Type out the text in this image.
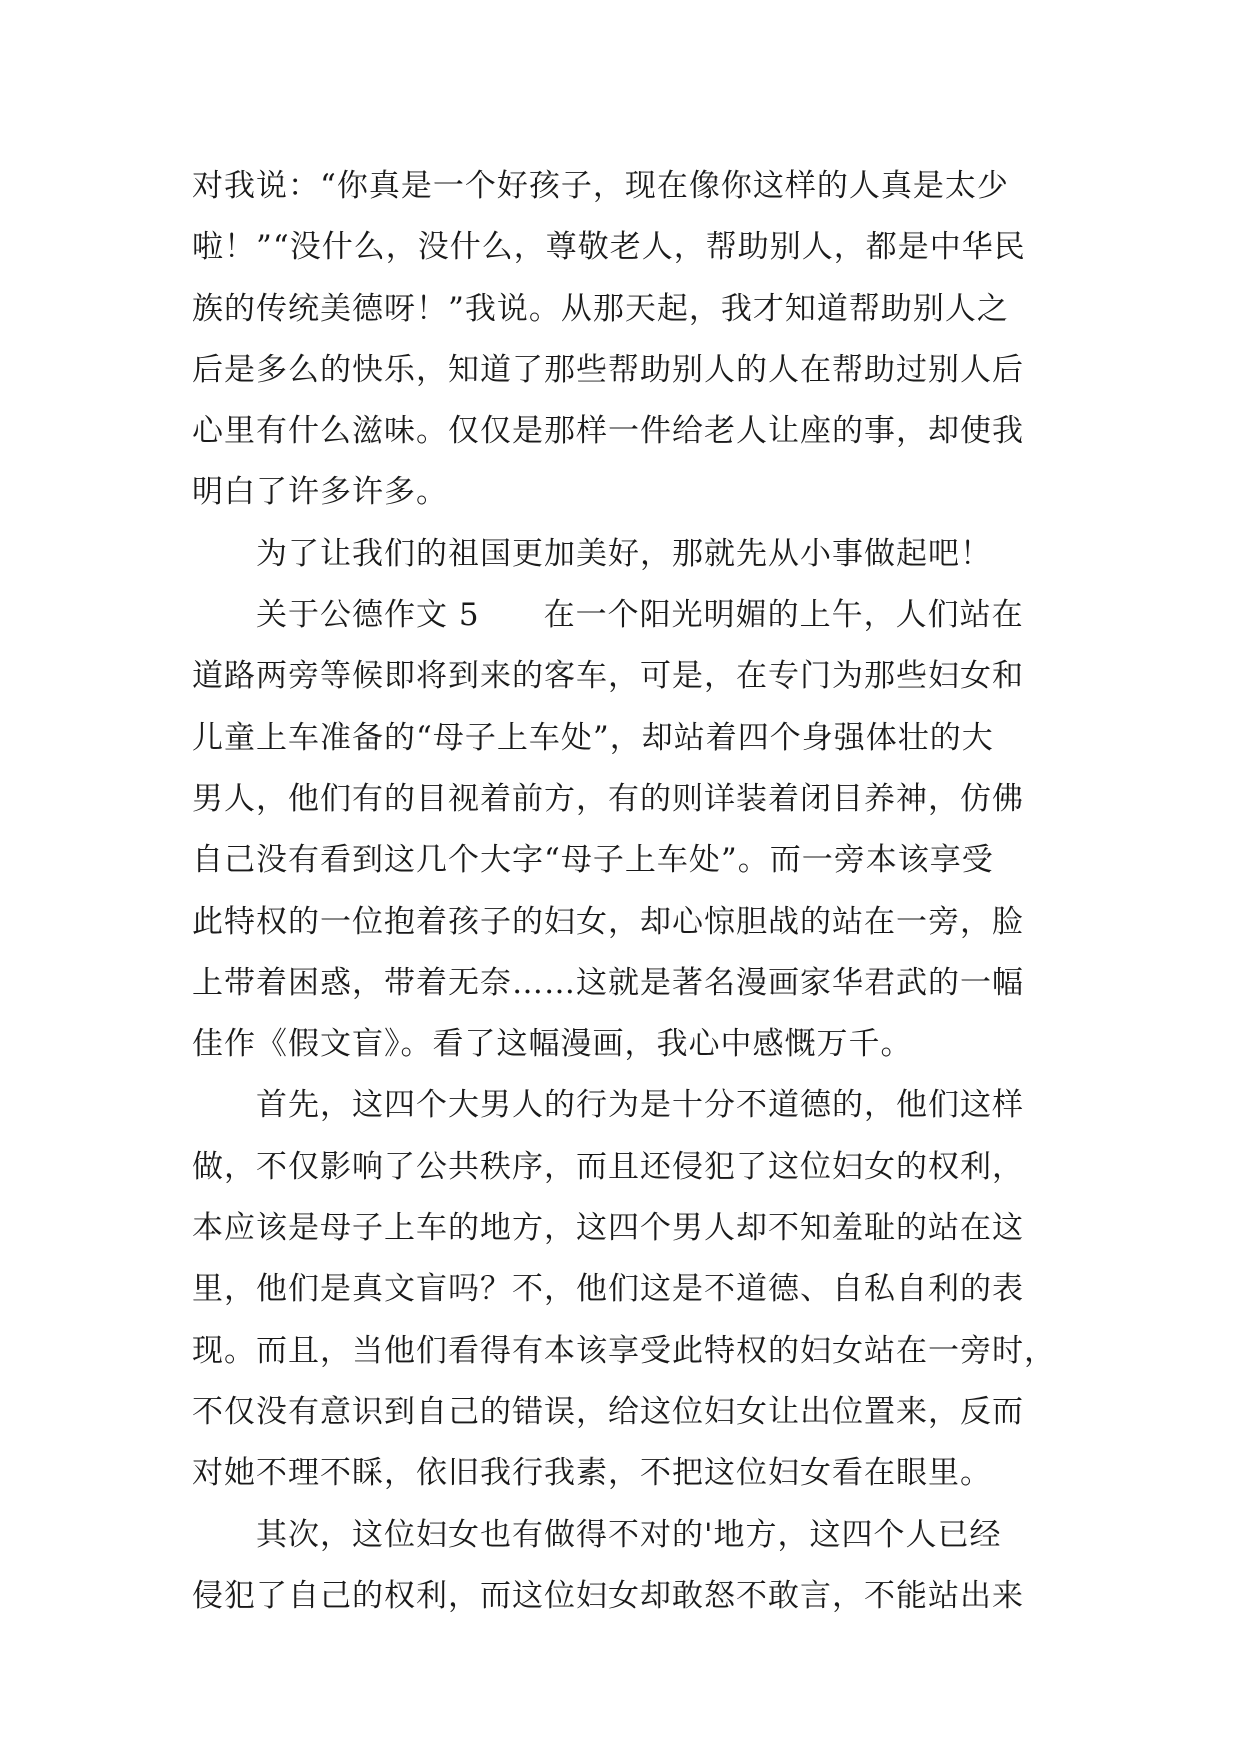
对我说：“你真是一个好孩子，现在像你这样的人真是太少
啦！”“没什么，没什么，尊敬老人，帮助别人，都是中华民
族的传统美德呀！”我说。从那天起，我才知道帮助别人之
后是多么的快乐，知道了那些帮助别人的人在帮助过别人后
心里有什么滋味。仅仅是那样一件给老人让座的事，却使我
明白了许多许多。
为了让我们的祖国更加美好，那就先从小事做起吧！
关于公德作文 5　　在一个阳光明媚的上午，人们站在
道路两旁等候即将到来的客车，可是，在专门为那些妇女和
儿童上车准备的“母子上车处”，却站着四个身强体壮的大
男人，他们有的目视着前方，有的则详装着闭目养神，仿佛
自己没有看到这几个大字“母子上车处”。而一旁本该享受
此特权的一位抱着孩子的妇女，却心惊胆战的站在一旁，脸
上带着困惑，带着无奈……这就是著名漫画家华君武的一幅
佳作《假文盲》。看了这幅漫画，我心中感慨万千。
首先，这四个大男人的行为是十分不道德的，他们这样
做，不仅影响了公共秩序，而且还侵犯了这位妇女的权利，
本应该是母子上车的地方，这四个男人却不知羞耻的站在这
里，他们是真文盲吗？不，他们这是不道德、自私自利的表
现。而且，当他们看得有本该享受此特权的妇女站在一旁时，
不仅没有意识到自己的错误，给这位妇女让出位置来，反而
对她不理不睬，依旧我行我素，不把这位妇女看在眼里。
其次，这位妇女也有做得不对的'地方，这四个人已经
侵犯了自己的权利，而这位妇女却敢怒不敢言，不能站出来
